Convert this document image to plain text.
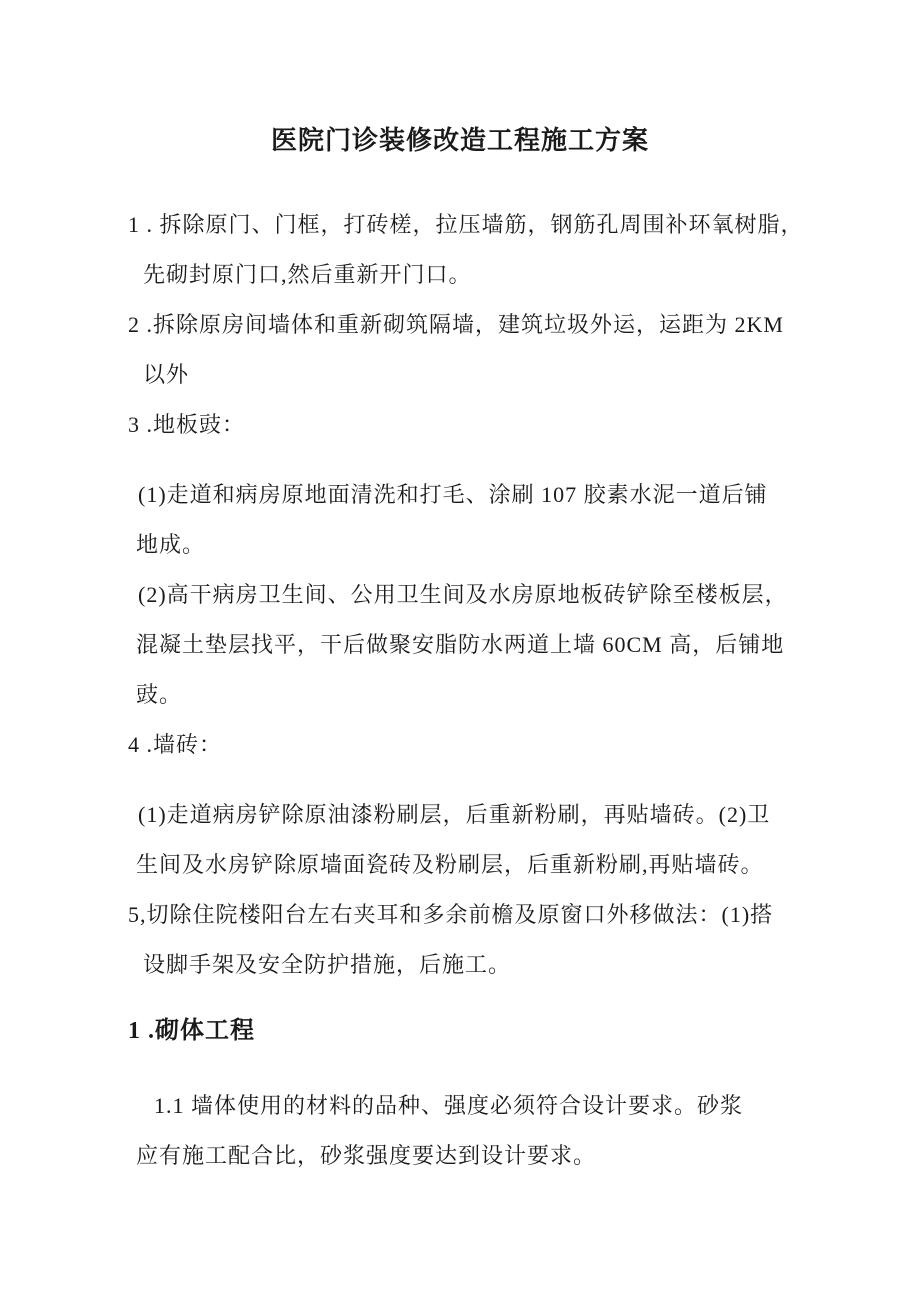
医院门诊装修改造工程施工方案
1 . 拆除原门、门框，打砖槎，拉压墙筋，钢筋孔周围补环氧树脂，
先砌封原门口,然后重新开门口。
2 .拆除原房间墙体和重新砌筑隔墙，建筑垃圾外运，运距为 2KM
以外
3 .地板豉：
(1)走道和病房原地面清洗和打毛、涂刷 107 胶素水泥一道后铺
地成。
(2)高干病房卫生间、公用卫生间及水房原地板砖铲除至楼板层，
混凝土垫层找平，干后做聚安脂防水两道上墙 60CM 高，后铺地
豉。
4 .墙砖：
(1)走道病房铲除原油漆粉刷层，后重新粉刷，再贴墙砖。(2)卫
生间及水房铲除原墙面瓷砖及粉刷层，后重新粉刷,再贴墙砖。
5,切除住院楼阳台左右夹耳和多余前檐及原窗口外移做法：(1)搭
设脚手架及安全防护措施，后施工。
1 .砌体工程
1.1 墙体使用的材料的品种、强度必须符合设计要求。砂浆
应有施工配合比，砂浆强度要达到设计要求。
